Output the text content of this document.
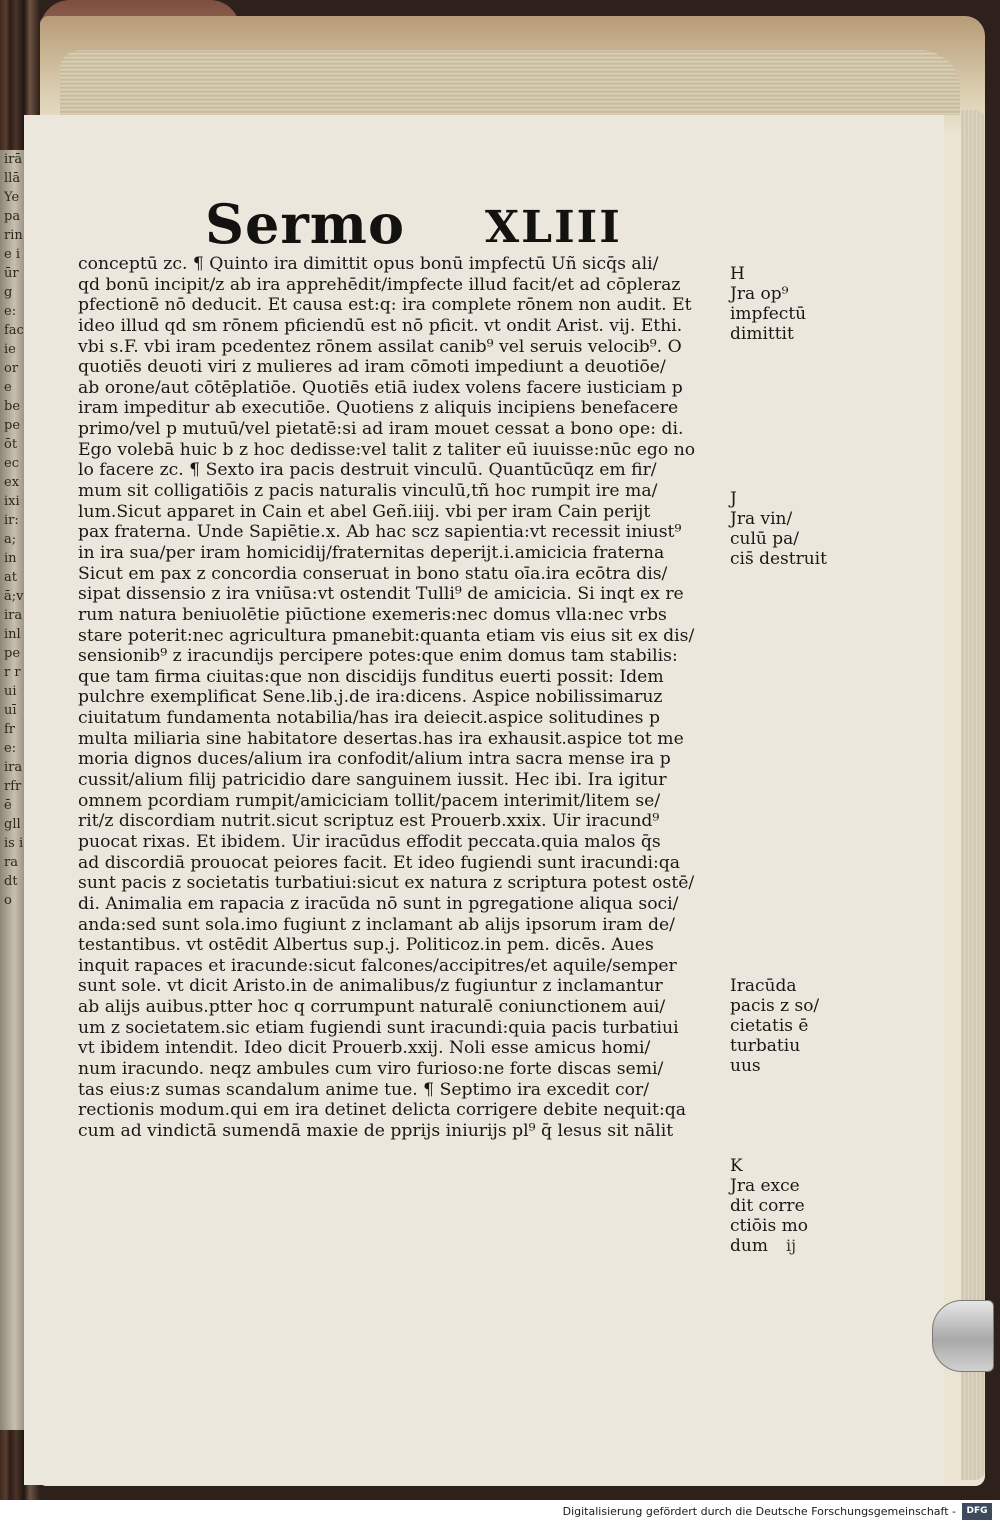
irā llā Ye pa rine iūr ge: facie ore be pe ōtec ex ixi ir:a; inat ā;v ira inl per rui uī fre: ira rfrē gllis ira dto
Sermo XLIII
conceptū zc. ¶ Quinto ira dimittit opus bonū impfectū Uñ sicq̄s ali/
qd bonū incipit/z ab ira apprehēdit/impfecte illud facit/et ad cōpleraz
pfectionē nō deducit. Et causa est:q: ira complete rōnem non audit. Et
ideo illud qd sm rōnem pficiendū est nō pficit. vt ondit Arist. vij. Ethi.
vbi s.F. vbi iram pcedentez rōnem assilat canib⁹ vel seruis velocib⁹. O
quotiēs deuoti viri z mulieres ad iram cōmoti impediunt a deuotiōe/
ab orone/aut cōtēplatiōe. Quotiēs etiā iudex volens facere iusticiam p
iram impeditur ab executiōe. Quotiens z aliquis incipiens benefacere
primo/vel p mutuū/vel pietatē:si ad iram mouet cessat a bono ope: di.
Ego volebā huic b z hoc dedisse:vel talit z taliter eū iuuisse:nūc ego no
lo facere zc. ¶ Sexto ira pacis destruit vinculū. Quantūcūqz em fir/
mum sit colligatiōis z pacis naturalis vinculū,tñ hoc rumpit ire ma/
lum.Sicut apparet in Cain et abel Geñ.iiij. vbi per iram Cain perijt
pax fraterna. Unde Sapiētie.x. Ab hac scz sapientia:vt recessit iniust⁹
in ira sua/per iram homicidij/fraternitas deperijt.i.amicicia fraterna
Sicut em pax z concordia conseruat in bono statu oīa.ira ecōtra dis/
sipat dissensio z ira vniūsa:vt ostendit Tulli⁹ de amicicia. Si inqt ex re
rum natura beniuolētie piūctione exemeris:nec domus vlla:nec vrbs
stare poterit:nec agricultura pmanebit:quanta etiam vis eius sit ex dis/
sensionib⁹ z iracundijs percipere potes:que enim domus tam stabilis:
que tam firma ciuitas:que non discidijs funditus euerti possit: Idem
pulchre exemplificat Sene.lib.j.de ira:dicens. Aspice nobilissimaruz
ciuitatum fundamenta notabilia/has ira deiecit.aspice solitudines p
multa miliaria sine habitatore desertas.has ira exhausit.aspice tot me
moria dignos duces/alium ira confodit/alium intra sacra mense ira p
cussit/alium filij patricidio dare sanguinem iussit. Hec ibi. Ira igitur
omnem pcordiam rumpit/amiciciam tollit/pacem interimit/litem se/
rit/z discordiam nutrit.sicut scriptuz est Prouerb.xxix. Uir iracund⁹
puocat rixas. Et ibidem. Uir iracūdus effodit peccata.quia malos q̄s
ad discordiā prouocat peiores facit. Et ideo fugiendi sunt iracundi:qa
sunt pacis z societatis turbatiui:sicut ex natura z scriptura potest ostē/
di. Animalia em rapacia z iracūda nō sunt in pgregatione aliqua soci/
anda:sed sunt sola.imo fugiunt z inclamant ab alijs ipsorum iram de/
testantibus. vt ostēdit Albertus sup.j. Politicoz.in pem. dicēs. Aues
inquit rapaces et iracunde:sicut falcones/accipitres/et aquile/semper
sunt sole. vt dicit Aristo.in de animalibus/z fugiuntur z inclamantur
ab alijs auibus.ptter hoc q corrumpunt naturalē coniunctionem aui/
um z societatem.sic etiam fugiendi sunt iracundi:quia pacis turbatiui
vt ibidem intendit. Ideo dicit Prouerb.xxij. Noli esse amicus homi/
num iracundo. neqz ambules cum viro furioso:ne forte discas semi/
tas eius:z sumas scandalum anime tue. ¶ Septimo ira excedit cor/
rectionis modum.qui em ira detinet delicta corrigere debite nequit:qa
cum ad vindictā sumendā maxie de pprijs iniurijs pl⁹ q̄ lesus sit nālit
H
Jra op⁹
impfectū
dimittit
J
Jra vin/
culū pa/
cis̄ destruit
Iracūda
pacis z so/
cietatis ē
turbatiu
uus
K
Jra exce
dit corre
ctiōis mo
dum	ij
Digitalisierung gefördert durch die Deutsche Forschungsgemeinschaft -	DFG
